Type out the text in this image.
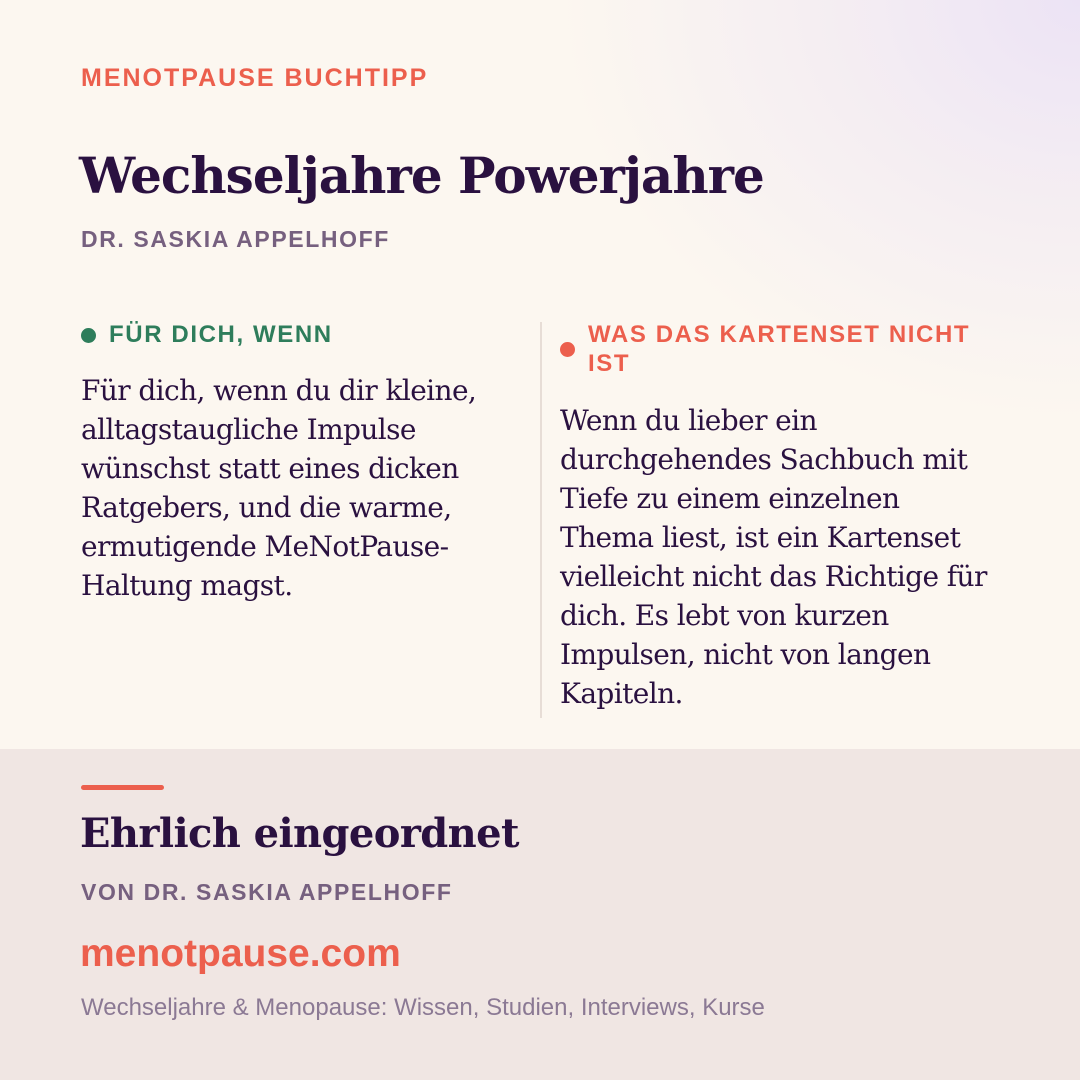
MENOTPAUSE BUCHTIPP
Wechseljahre Powerjahre
DR. SASKIA APPELHOFF
FÜR DICH, WENN
Für dich, wenn du dir kleine, alltagstaugliche Impulse wünschst statt eines dicken Ratgebers, und die warme, ermutigende MeNotPause-Haltung magst.
WAS DAS KARTENSET NICHT IST
Wenn du lieber ein durchgehendes Sachbuch mit Tiefe zu einem einzelnen Thema liest, ist ein Kartenset vielleicht nicht das Richtige für dich. Es lebt von kurzen Impulsen, nicht von langen Kapiteln.
Ehrlich eingeordnet
VON DR. SASKIA APPELHOFF
menotpause.com
Wechseljahre & Menopause: Wissen, Studien, Interviews, Kurse
